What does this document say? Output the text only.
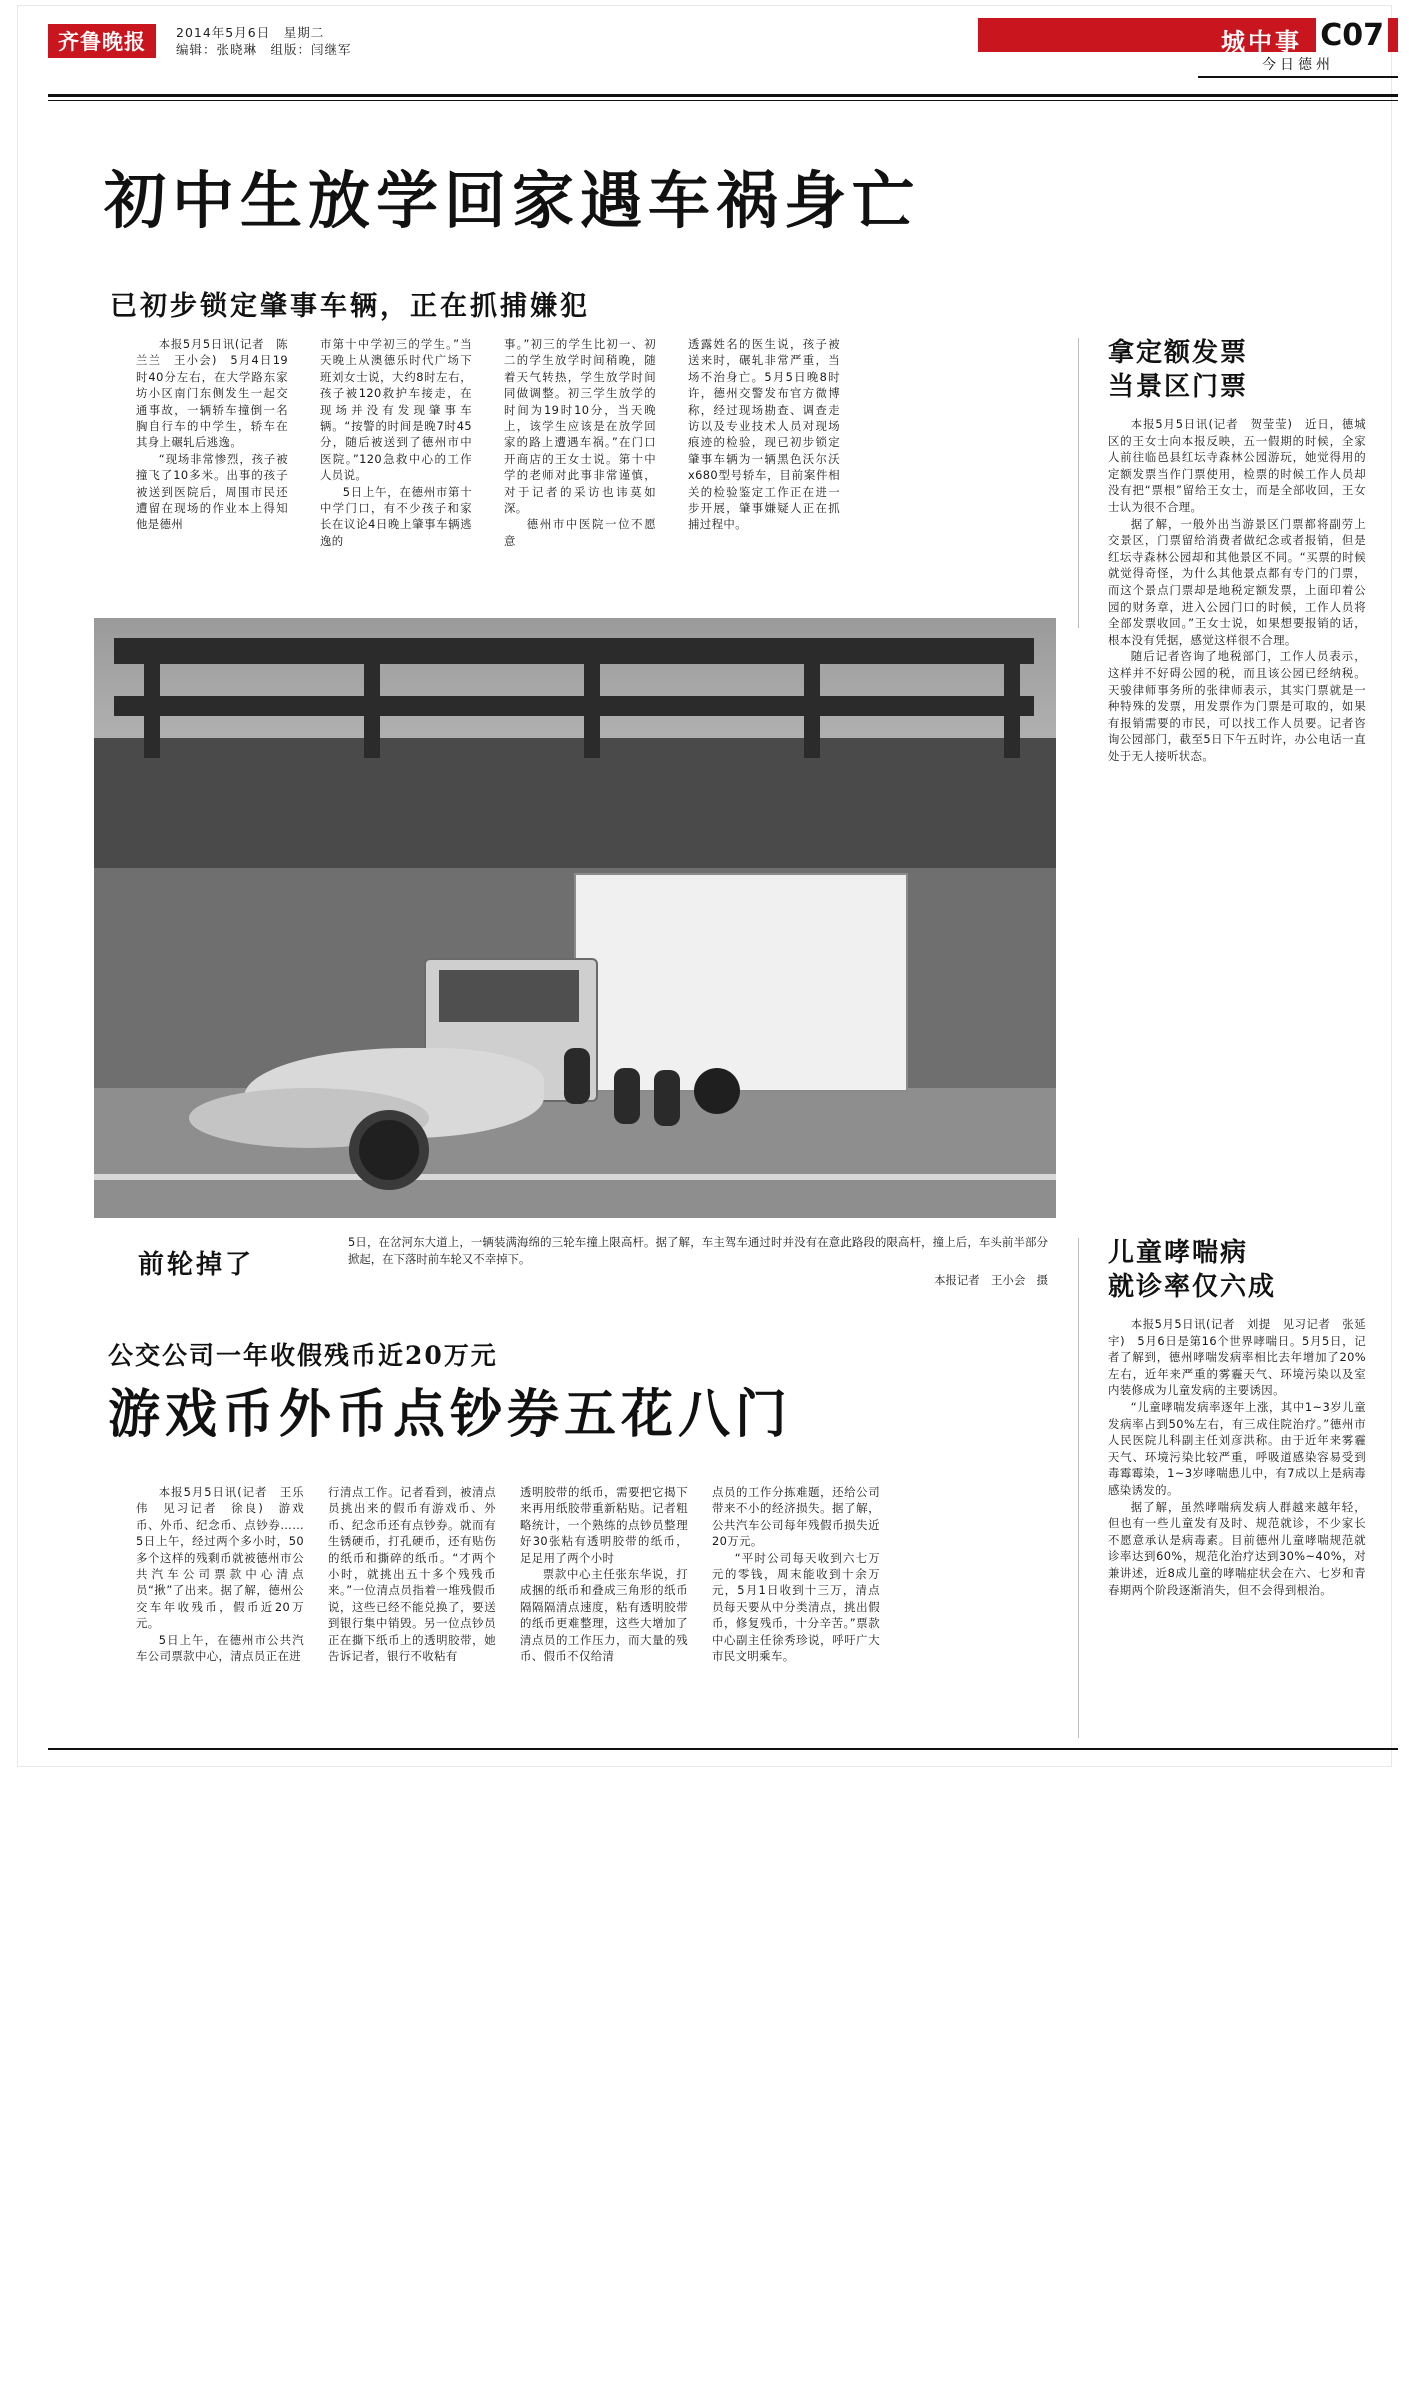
齐鲁晚报	2014年5月6日　星期二
编辑：张晓琳　组版：闫继军	城中事 C07
今日德州
初中生放学回家遇车祸身亡
已初步锁定肇事车辆，正在抓捕嫌犯

本报5月5日讯(记者　陈兰兰　王小会)　5月4日19时40分左右，在大学路东家坊小区南门东侧发生一起交通事故，一辆轿车撞倒一名胸自行车的中学生，轿车在其身上碾轧后逃逸。

“现场非常惨烈，孩子被撞飞了10多米。出事的孩子被送到医院后，周围市民还遭留在现场的作业本上得知他是德州

市第十中学初三的学生。”当天晚上从澳德乐时代广场下班刘女士说，大约8时左右，孩子被120救护车接走，在现场并没有发现肇事车辆。“按警的时间是晚7时45分，随后被送到了德州市中医院。”120急救中心的工作人员说。

5日上午，在德州市第十中学门口，有不少孩子和家长在议论4日晚上肇事车辆逃逸的

事。”初三的学生比初一、初二的学生放学时间稍晚，随着天气转热，学生放学时间同做调整。初三学生放学的时间为19时10分，当天晚上，该学生应该是在放学回家的路上遭遇车祸。”在门口开商店的王女士说。第十中学的老师对此事非常谨慎，对于记者的采访也讳莫如深。

德州市中医院一位不愿意

透露姓名的医生说，孩子被送来时，碾轧非常严重，当场不治身亡。5月5日晚8时许，德州交警发布官方微博称，经过现场勘查、调查走访以及专业技术人员对现场痕迹的检验，现已初步锁定肇事车辆为一辆黑色沃尔沃x680型号轿车，目前案件相关的检验鉴定工作正在进一步开展，肇事嫌疑人正在抓捕过程中。

拿定额发票
当景区门票

本报5月5日讯(记者　贺莹莹)　近日，德城区的王女士向本报反映，五一假期的时候，全家人前往临邑县红坛寺森林公园游玩，她觉得用的定额发票当作门票使用，检票的时候工作人员却没有把“票根”留给王女士，而是全部收回，王女士认为很不合理。

据了解，一般外出当游景区门票都将副劳上交景区，门票留给消费者做纪念或者报销，但是红坛寺森林公园却和其他景区不同。“买票的时候就觉得奇怪，为什么其他景点都有专门的门票，而这个景点门票却是地税定额发票，上面印着公园的财务章，进入公园门口的时候，工作人员将全部发票收回。”王女士说，如果想要报销的话，根本没有凭据，感觉这样很不合理。

随后记者咨询了地税部门，工作人员表示，这样并不好碍公园的税，而且该公园已经纳税。天骏律师事务所的张律师表示，其实门票就是一种特殊的发票，用发票作为门票是可取的，如果有报销需要的市民，可以找工作人员要。记者咨询公园部门，截至5日下午五时许，办公电话一直处于无人接听状态。

儿童哮喘病
就诊率仅六成

本报5月5日讯(记者　刘提　见习记者　张延宇)　5月6日是第16个世界哮喘日。5月5日，记者了解到，德州哮喘发病率相比去年增加了20%左右，近年来严重的雾霾天气、环境污染以及室内装修成为儿童发病的主要诱因。

“儿童哮喘发病率逐年上涨，其中1~3岁儿童发病率占到50%左右，有三成住院治疗。”德州市人民医院儿科副主任刘彦洪称。由于近年来雾霾天气、环境污染比较严重，呼吸道感染容易受到毒霉霉染，1~3岁哮喘患儿中，有7成以上是病毒感染诱发的。

据了解，虽然哮喘病发病人群越来越年轻，但也有一些儿童发有及时、规范就诊，不少家长不愿意承认是病毒素。目前德州儿童哮喘规范就诊率达到60%，规范化治疗达到30%~40%，对兼讲述，近8成儿童的哮喘症状会在六、七岁和青春期两个阶段逐渐消失，但不会得到根治。

前轮掉了
5日，在岔河东大道上，一辆装满海绵的三轮车撞上限高杆。据了解，车主驾车通过时并没有在意此路段的限高杆，撞上后，车头前半部分掀起，在下落时前车轮又不幸掉下。
本报记者　王小会　摄
公交公司一年收假残币近20万元
游戏币外币点钞券五花八门

本报5月5日讯(记者　王乐伟　见习记者　徐良)　游戏币、外币、纪念币、点钞券……5日上午，经过两个多小时，50多个这样的残剩币就被德州市公共汽车公司票款中心清点员“揪”了出来。据了解，德州公交车年收残币，假币近20万元。

5日上午，在德州市公共汽车公司票款中心，清点员正在进

行清点工作。记者看到，被清点员挑出来的假币有游戏币、外币、纪念币还有点钞券。就而有生锈硬币，打孔硬币，还有贴伤的纸币和撕碎的纸币。“才两个小时，就挑出五十多个残残币来。”一位清点员指着一堆残假币说，这些已经不能兑换了，要送到银行集中销毁。另一位点钞员正在撕下纸币上的透明胶带，她告诉记者，银行不收粘有

透明胶带的纸币，需要把它揭下来再用纸胶带重新粘贴。记者粗略统计，一个熟练的点钞员整理好30张粘有透明胶带的纸币，足足用了两个小时

票款中心主任张东华说，打成捆的纸币和叠成三角形的纸币隔隔隔清点速度，粘有透明胶带的纸币更难整理，这些大增加了清点员的工作压力，而大量的残币、假币不仅给清

点员的工作分拣难题，还给公司带来不小的经济损失。据了解，公共汽车公司每年残假币损失近20万元。

“平时公司每天收到六七万元的零钱，周末能收到十余万元，5月1日收到十三万，清点员每天要从中分类清点，挑出假币，修复残币，十分辛苦。”票款中心副主任徐秀珍说，呼吁广大市民文明乘车。
